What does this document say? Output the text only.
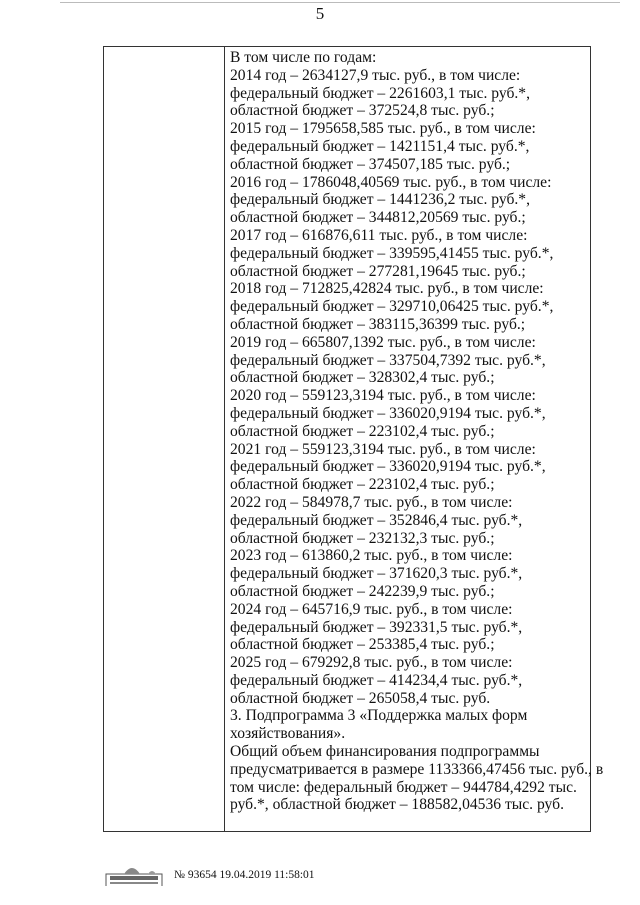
5
В том числе по годам:
2014 год – 2634127,9 тыс. руб., в том числе:
федеральный бюджет – 2261603,1 тыс. руб.*,
областной бюджет – 372524,8 тыс. руб.;
2015 год – 1795658,585 тыс. руб., в том числе:
федеральный бюджет – 1421151,4 тыс. руб.*,
областной бюджет – 374507,185 тыс. руб.;
2016 год – 1786048,40569 тыс. руб., в том числе:
федеральный бюджет – 1441236,2 тыс. руб.*,
областной бюджет – 344812,20569 тыс. руб.;
2017 год – 616876,611 тыс. руб., в том числе:
федеральный бюджет – 339595,41455 тыс. руб.*,
областной бюджет – 277281,19645 тыс. руб.;
2018 год – 712825,42824 тыс. руб., в том числе:
федеральный бюджет – 329710,06425 тыс. руб.*,
областной бюджет – 383115,36399 тыс. руб.;
2019 год – 665807,1392 тыс. руб., в том числе:
федеральный бюджет – 337504,7392 тыс. руб.*,
областной бюджет – 328302,4 тыс. руб.;
2020 год – 559123,3194 тыс. руб., в том числе:
федеральный бюджет – 336020,9194 тыс. руб.*,
областной бюджет – 223102,4 тыс. руб.;
2021 год – 559123,3194 тыс. руб., в том числе:
федеральный бюджет – 336020,9194 тыс. руб.*,
областной бюджет – 223102,4 тыс. руб.;
2022 год – 584978,7 тыс. руб., в том числе:
федеральный бюджет – 352846,4 тыс. руб.*,
областной бюджет – 232132,3 тыс. руб.;
2023 год – 613860,2 тыс. руб., в том числе:
федеральный бюджет – 371620,3 тыс. руб.*,
областной бюджет – 242239,9 тыс. руб.;
2024 год – 645716,9 тыс. руб., в том числе:
федеральный бюджет – 392331,5 тыс. руб.*,
областной бюджет – 253385,4 тыс. руб.;
2025 год – 679292,8 тыс. руб., в том числе:
федеральный бюджет – 414234,4 тыс. руб.*,
областной бюджет – 265058,4 тыс. руб.
3. Подпрограмма 3 «Поддержка малых форм
хозяйствования».
Общий объем финансирования подпрограммы
предусматривается в размере 1133366,47456 тыс. руб., в
том числе: федеральный бюджет – 944784,4292 тыс.
руб.*, областной бюджет – 188582,04536 тыс. руб.
№ 93654 19.04.2019 11:58:01
